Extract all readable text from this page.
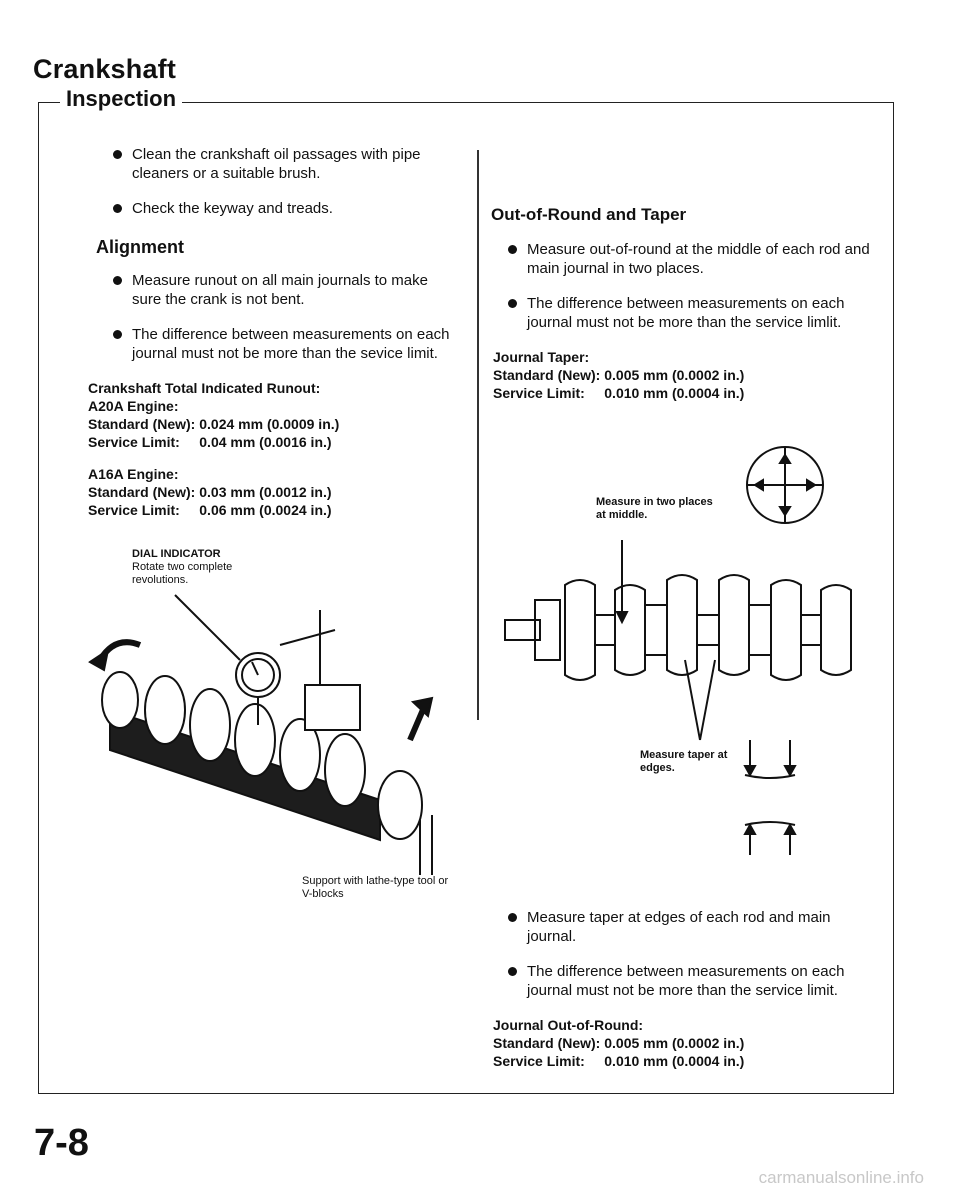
Crankshaft
Inspection
Clean the crankshaft oil passages with pipe cleaners or a suitable brush.
Check the keyway and treads.
Alignment
Measure runout on all main journals to make sure the crank is not bent.
The difference between measurements on each journal must not be more than the sevice limit.
Crankshaft Total Indicated Runout:
A20A Engine:
Standard (New): 0.024 mm (0.0009 in.)
Service Limit:     0.04 mm (0.0016 in.)
A16A Engine:
Standard (New): 0.03 mm (0.0012 in.)
Service Limit:     0.06 mm (0.0024 in.)
DIAL INDICATOR
Rotate two complete revolutions.
Support with lathe-type tool or V-blocks
Out-of-Round and Taper
Measure out-of-round at the middle of each rod and main journal in two places.
The difference between measurements on each journal must not be more than the service limlit.
Journal Taper:
Standard (New): 0.005 mm (0.0002 in.)
Service Limit:     0.010 mm (0.0004 in.)
Measure in two places at middle.
Measure taper at edges.
Measure taper at edges of each rod and main journal.
The difference between measurements on each journal must not be more than the service limit.
Journal Out-of-Round:
Standard (New): 0.005 mm (0.0002 in.)
Service Limit:     0.010 mm (0.0004 in.)
7-8
carmanualsonline.info
